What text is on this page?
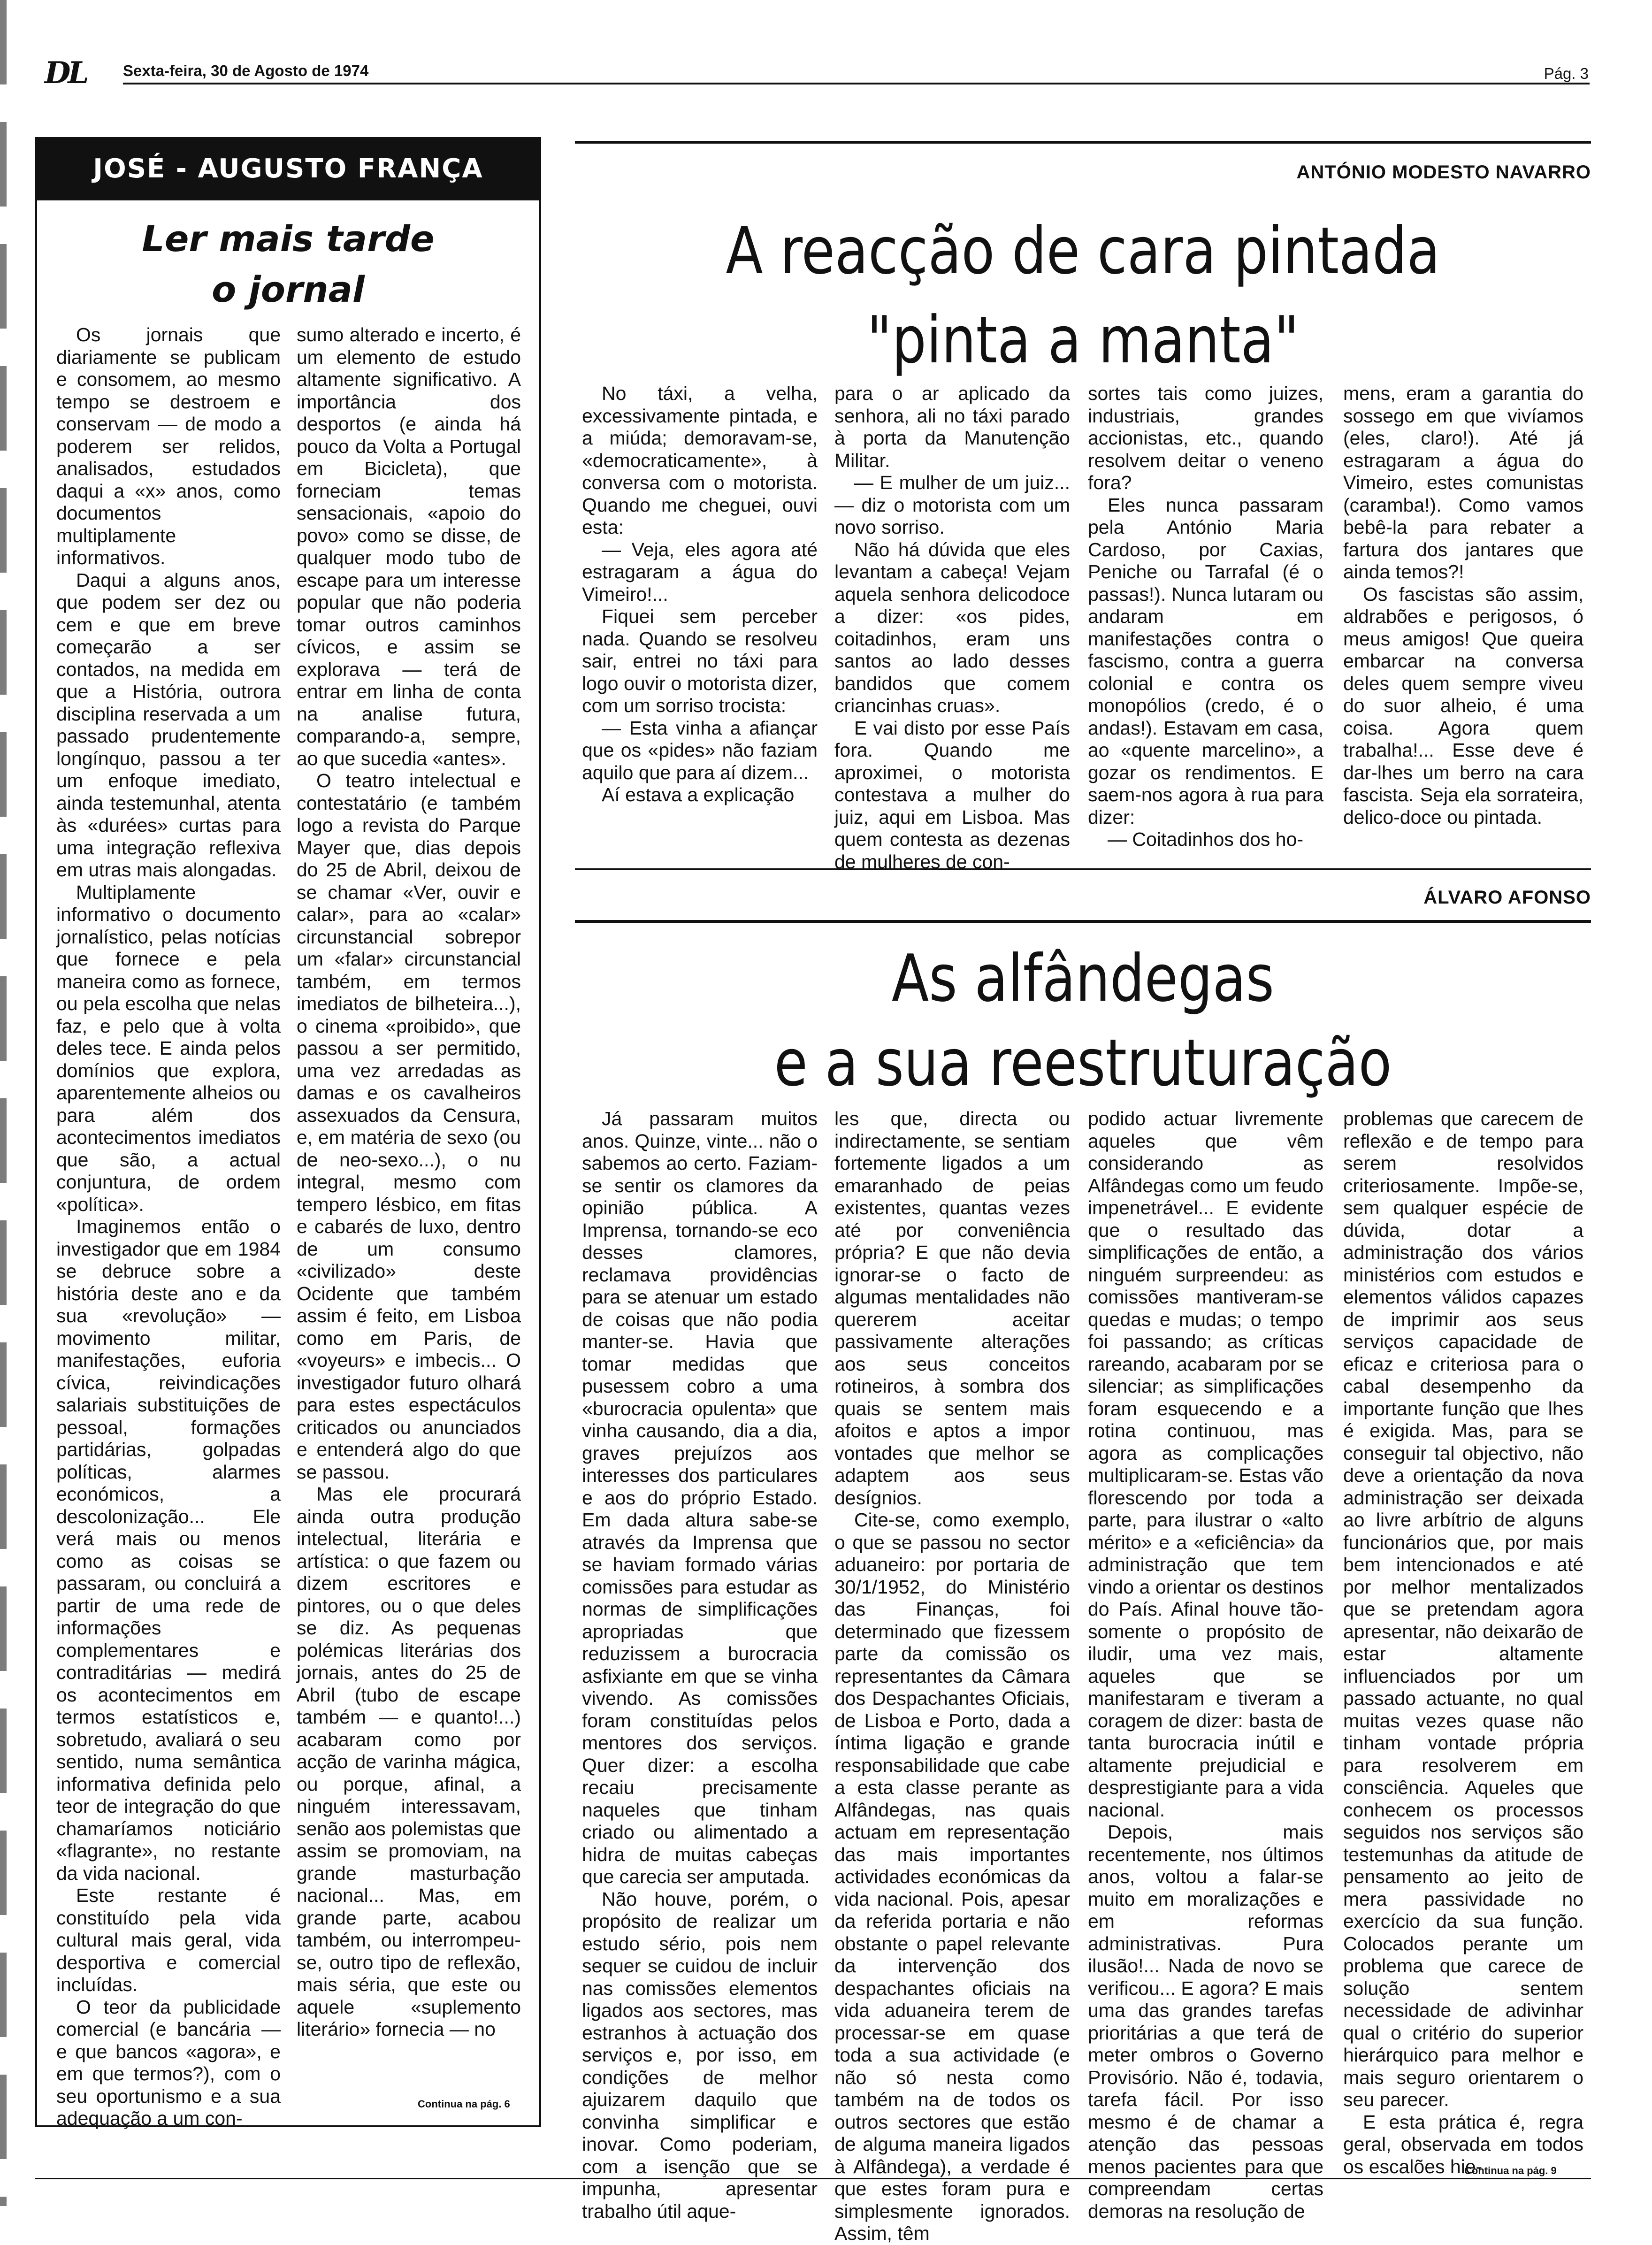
DL Sexta-feira, 30 de Agosto de 1974	Pág. 3
JOSÉ - AUGUSTO FRANÇA
Ler mais tarde
o jornal

Os jornais que diariamente se publicam e consomem, ao mesmo tempo se destroem e conservam — de modo a poderem ser relidos, analisados, estudados daqui a «x» anos, como documentos multiplamente informativos.

Daqui a alguns anos, que podem ser dez ou cem e que em breve começarão a ser contados, na medida em que a História, outrora disciplina reservada a um passado prudentemente longínquo, passou a ter um enfoque imediato, ainda testemunhal, atenta às «durées» curtas para uma integração reflexiva em utras mais alongadas.

Multiplamente informativo o documento jornalístico, pelas notícias que fornece e pela maneira como as fornece, ou pela escolha que nelas faz, e pelo que à volta deles tece. E ainda pelos domínios que explora, aparentemente alheios ou para além dos acontecimentos imediatos que são, a actual conjuntura, de ordem «política».

Imaginemos então o investigador que em 1984 se debruce sobre a história deste ano e da sua «revolução» — movimento militar, manifestações, euforia cívica, reivindicações salariais substituições de pessoal, formações partidárias, golpadas políticas, alarmes económicos, a descolonização... Ele verá mais ou menos como as coisas se passaram, ou concluirá a partir de uma rede de informações complementares e contraditárias — medirá os acontecimentos em termos estatísticos e, sobretudo, avaliará o seu sentido, numa semântica informativa definida pelo teor de integração do que chamaríamos noticiário «flagrante», no restante da vida nacional.

Este restante é constituído pela vida cultural mais geral, vida desportiva e comercial incluídas.

O teor da publicidade comercial (e bancária — e que bancos «agora», e em que termos?), com o seu oportunismo e a sua adequação a um con-

sumo alterado e incerto, é um elemento de estudo altamente significativo. A importância dos desportos (e ainda há pouco da Volta a Portugal em Bicicleta), que forneciam temas sensacionais, «apoio do povo» como se disse, de qualquer modo tubo de escape para um interesse popular que não poderia tomar outros caminhos cívicos, e assim se explorava — terá de entrar em linha de conta na analise futura, comparando-a, sempre, ao que sucedia «antes».

O teatro intelectual e contestatário (e também logo a revista do Parque Mayer que, dias depois do 25 de Abril, deixou de se chamar «Ver, ouvir e calar», para ao «calar» circunstancial sobrepor um «falar» circunstancial também, em termos imediatos de bilheteira...), o cinema «proibido», que passou a ser permitido, uma vez arredadas as damas e os cavalheiros assexuados da Censura, e, em matéria de sexo (ou de neo-sexo...), o nu integral, mesmo com tempero lésbico, em fitas e cabarés de luxo, dentro de um consumo «civilizado» deste Ocidente que também assim é feito, em Lisboa como em Paris, de «voyeurs» e imbecis... O investigador futuro olhará para estes espectáculos criticados ou anunciados e entenderá algo do que se passou.

Mas ele procurará ainda outra produção intelectual, literária e artística: o que fazem ou dizem escritores e pintores, ou o que deles se diz. As pequenas polémicas literárias dos jornais, antes do 25 de Abril (tubo de escape também — e quanto!...) acabaram como por acção de varinha mágica, ou porque, afinal, a ninguém interessavam, senão aos polemistas que assim se promoviam, na grande masturbação nacional... Mas, em grande parte, acabou também, ou interrompeu-se, outro tipo de reflexão, mais séria, que este ou aquele «suplemento literário» fornecia — no

Continua na pág. 6
ANTÓNIO MODESTO NAVARRO
A reacção de cara pintada
"pinta a manta"

No táxi, a velha, excessivamente pintada, e a miúda; demoravam-se, «democraticamente», à conversa com o motorista. Quando me cheguei, ouvi esta:

— Veja, eles agora até estragaram a água do Vimeiro!...

Fiquei sem perceber nada. Quando se resolveu sair, entrei no táxi para logo ouvir o motorista dizer, com um sorriso trocista:

— Esta vinha a afiançar que os «pides» não faziam aquilo que para aí dizem...

Aí estava a explicação

para o ar aplicado da senhora, ali no táxi parado à porta da Manutenção Militar.

— E mulher de um juiz... — diz o motorista com um novo sorriso.

Não há dúvida que eles levantam a cabeça! Vejam aquela senhora delicodoce a dizer: «os pides, coitadinhos, eram uns santos ao lado desses bandidos que comem criancinhas cruas».

E vai disto por esse País fora. Quando me aproximei, o motorista contestava a mulher do juiz, aqui em Lisboa. Mas quem contesta as dezenas de mulheres de con-

sortes tais como juizes, industriais, grandes accionistas, etc., quando resolvem deitar o veneno fora?

Eles nunca passaram pela António Maria Cardoso, por Caxias, Peniche ou Tarrafal (é o passas!). Nunca lutaram ou andaram em manifestações contra o fascismo, contra a guerra colonial e contra os monopólios (credo, é o andas!). Estavam em casa, ao «quente marcelino», a gozar os rendimentos. E saem-nos agora à rua para dizer:

— Coitadinhos dos ho-

mens, eram a garantia do sossego em que vivíamos (eles, claro!). Até já estragaram a água do Vimeiro, estes comunistas (caramba!). Como vamos bebê-la para rebater a fartura dos jantares que ainda temos?!

Os fascistas são assim, aldrabões e perigosos, ó meus amigos! Que queira embarcar na conversa deles quem sempre viveu do suor alheio, é uma coisa. Agora quem trabalha!... Esse deve é dar-lhes um berro na cara fascista. Seja ela sorrateira, delico-doce ou pintada.

ÁLVARO AFONSO
As alfândegas
e a sua reestruturação

Já passaram muitos anos. Quinze, vinte... não o sabemos ao certo. Faziam-se sentir os clamores da opinião pública. A Imprensa, tornando-se eco desses clamores, reclamava providências para se atenuar um estado de coisas que não podia manter-se. Havia que tomar medidas que pusessem cobro a uma «burocracia opulenta» que vinha causando, dia a dia, graves prejuízos aos interesses dos particulares e aos do próprio Estado. Em dada altura sabe-se através da Imprensa que se haviam formado várias comissões para estudar as normas de simplificações apropriadas que reduzissem a burocracia asfixiante em que se vinha vivendo. As comissões foram constituídas pelos mentores dos serviços. Quer dizer: a escolha recaiu precisamente naqueles que tinham criado ou alimentado a hidra de muitas cabeças que carecia ser amputada.

Não houve, porém, o propósito de realizar um estudo sério, pois nem sequer se cuidou de incluir nas comissões elementos ligados aos sectores, mas estranhos à actuação dos serviços e, por isso, em condições de melhor ajuizarem daquilo que convinha simplificar e inovar. Como poderiam, com a isenção que se impunha, apresentar trabalho útil aque-

les que, directa ou indirectamente, se sentiam fortemente ligados a um emaranhado de peias existentes, quantas vezes até por conveniência própria? E que não devia ignorar-se o facto de algumas mentalidades não quererem aceitar passivamente alterações aos seus conceitos rotineiros, à sombra dos quais se sentem mais afoitos e aptos a impor vontades que melhor se adaptem aos seus desígnios.

Cite-se, como exemplo, o que se passou no sector aduaneiro: por portaria de 30/1/1952, do Ministério das Finanças, foi determinado que fizessem parte da comissão os representantes da Câmara dos Despachantes Oficiais, de Lisboa e Porto, dada a íntima ligação e grande responsabilidade que cabe a esta classe perante as Alfândegas, nas quais actuam em representação das mais importantes actividades económicas da vida nacional. Pois, apesar da referida portaria e não obstante o papel relevante da intervenção dos despachantes oficiais na vida aduaneira terem de processar-se em quase toda a sua actividade (e não só nesta como também na de todos os outros sectores que estão de alguma maneira ligados à Alfândega), a verdade é que estes foram pura e simplesmente ignorados. Assim, têm

podido actuar livremente aqueles que vêm considerando as Alfândegas como um feudo impenetrável... E evidente que o resultado das simplificações de então, a ninguém surpreendeu: as comissões mantiveram-se quedas e mudas; o tempo foi passando; as críticas rareando, acabaram por se silenciar; as simplificações foram esquecendo e a rotina continuou, mas agora as complicações multiplicaram-se. Estas vão florescendo por toda a parte, para ilustrar o «alto mérito» e a «eficiência» da administração que tem vindo a orientar os destinos do País. Afinal houve tão-somente o propósito de iludir, uma vez mais, aqueles que se manifestaram e tiveram a coragem de dizer: basta de tanta burocracia inútil e altamente prejudicial e desprestigiante para a vida nacional.

Depois, mais recentemente, nos últimos anos, voltou a falar-se muito em moralizações e em reformas administrativas. Pura ilusão!... Nada de novo se verificou... E agora? E mais uma das grandes tarefas prioritárias a que terá de meter ombros o Governo Provisório. Não é, todavia, tarefa fácil. Por isso mesmo é de chamar a atenção das pessoas menos pacientes para que compreendam certas demoras na resolução de

problemas que carecem de reflexão e de tempo para serem resolvidos criteriosamente. Impõe-se, sem qualquer espécie de dúvida, dotar a administração dos vários ministérios com estudos e elementos válidos capazes de imprimir aos seus serviços capacidade de eficaz e criteriosa para o cabal desempenho da importante função que lhes é exigida. Mas, para se conseguir tal objectivo, não deve a orientação da nova administração ser deixada ao livre arbítrio de alguns funcionários que, por mais bem intencionados e até por melhor mentalizados que se pretendam agora apresentar, não deixarão de estar altamente influenciados por um passado actuante, no qual muitas vezes quase não tinham vontade própria para resolverem em consciência. Aqueles que conhecem os processos seguidos nos serviços são testemunhas da atitude de pensamento ao jeito de mera passividade no exercício da sua função. Colocados perante um problema que carece de solução sentem necessidade de adivinhar qual o critério do superior hierárquico para melhor e mais seguro orientarem o seu parecer.

E esta prática é, regra geral, observada em todos os escalões hie-

Continua na pág. 9
